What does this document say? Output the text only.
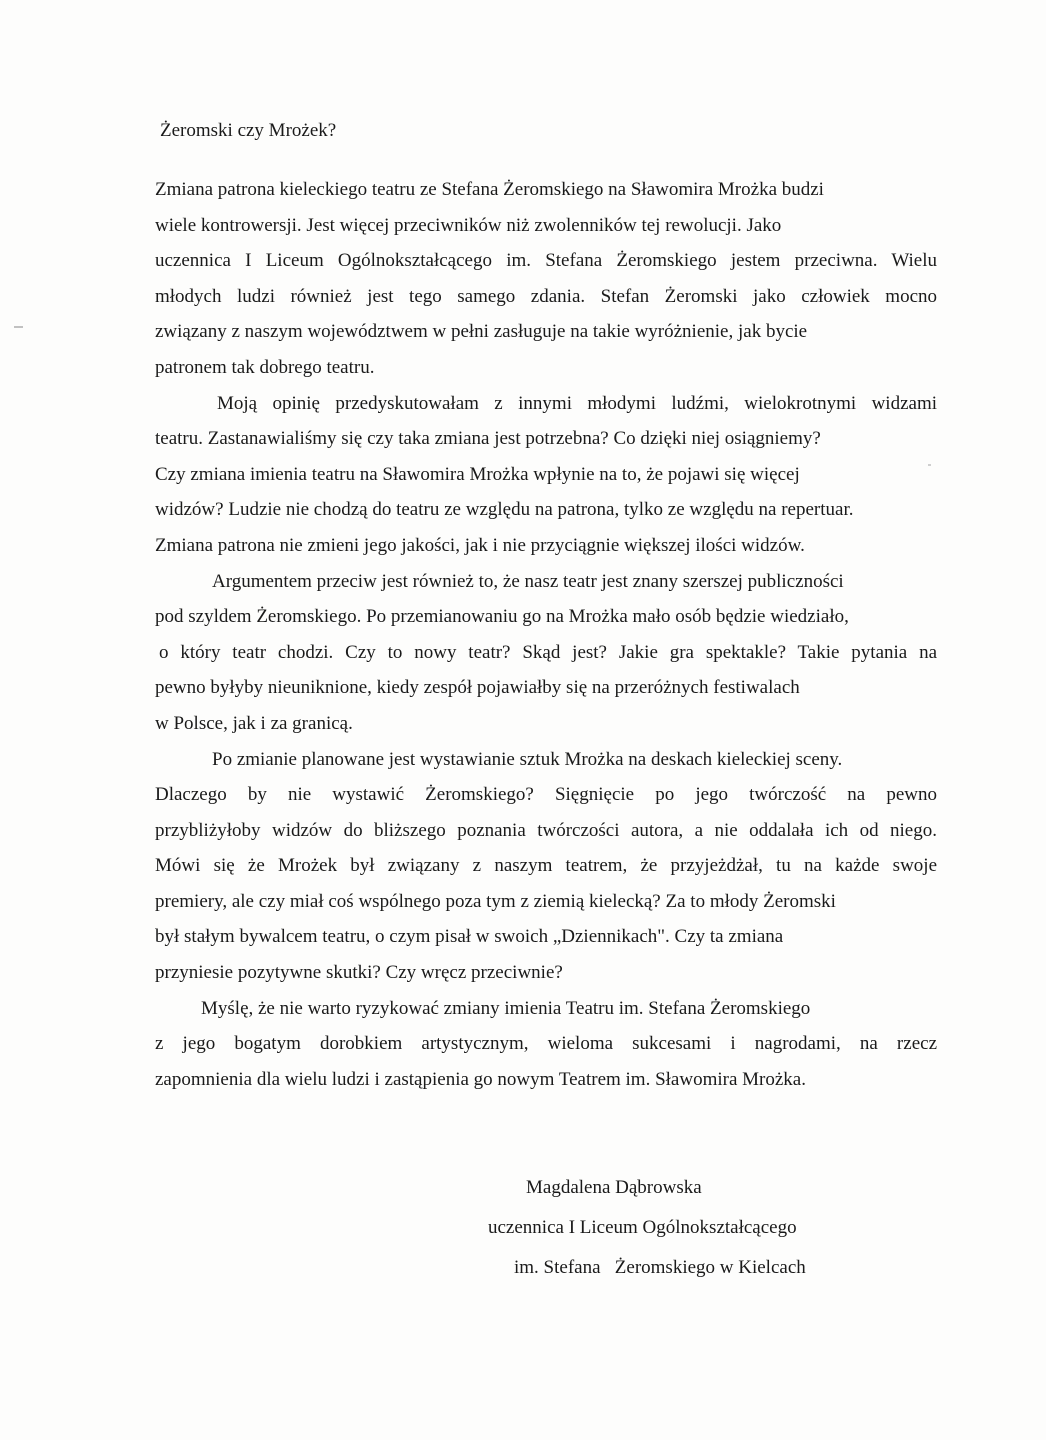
Żeromski czy Mrożek?
Zmiana patrona kieleckiego teatru ze Stefana Żeromskiego na Sławomira Mrożka budzi
wiele kontrowersji. Jest więcej przeciwników niż zwolenników tej rewolucji. Jako
uczennica I Liceum Ogólnokształcącego im. Stefana Żeromskiego jestem przeciwna. Wielu
młodych ludzi również jest tego samego zdania. Stefan Żeromski jako człowiek mocno
związany z naszym województwem w pełni zasługuje na takie wyróżnienie, jak bycie
patronem tak dobrego teatru.
Moją opinię przedyskutowałam z innymi młodymi ludźmi, wielokrotnymi widzami
teatru. Zastanawialiśmy się czy taka zmiana jest potrzebna? Co dzięki niej osiągniemy?
Czy zmiana imienia teatru na Sławomira Mrożka wpłynie na to, że pojawi się więcej
widzów? Ludzie nie chodzą do teatru ze względu na patrona, tylko ze względu na repertuar.
Zmiana patrona nie zmieni jego jakości, jak i nie przyciągnie większej ilości widzów.
Argumentem przeciw jest również to, że nasz teatr jest znany szerszej publiczności
pod szyldem Żeromskiego. Po przemianowaniu go na Mrożka mało osób będzie wiedziało,
o który teatr chodzi. Czy to nowy teatr? Skąd jest? Jakie gra spektakle? Takie pytania na
pewno byłyby nieuniknione, kiedy zespół pojawiałby się na przeróżnych festiwalach
w Polsce, jak i za granicą.
Po zmianie planowane jest wystawianie sztuk Mrożka na deskach kieleckiej sceny.
Dlaczego by nie wystawić Żeromskiego? Sięgnięcie po jego twórczość na pewno
przybliżyłoby widzów do bliższego poznania twórczości autora, a nie oddalała ich od niego.
Mówi się że Mrożek był związany z naszym teatrem, że przyjeżdżał, tu na każde swoje
premiery, ale czy miał coś wspólnego poza tym z ziemią kielecką? Za to młody Żeromski
był stałym bywalcem teatru, o czym pisał w swoich „Dziennikach". Czy ta zmiana
przyniesie pozytywne skutki? Czy wręcz przeciwnie?
Myślę, że nie warto ryzykować zmiany imienia Teatru im. Stefana Żeromskiego
z jego bogatym dorobkiem artystycznym, wieloma sukcesami i nagrodami, na rzecz
zapomnienia dla wielu ludzi i zastąpienia go nowym Teatrem im. Sławomira Mrożka.
Magdalena Dąbrowska
uczennica I Liceum Ogólnokształcącego
im. Stefana   Żeromskiego w Kielcach
